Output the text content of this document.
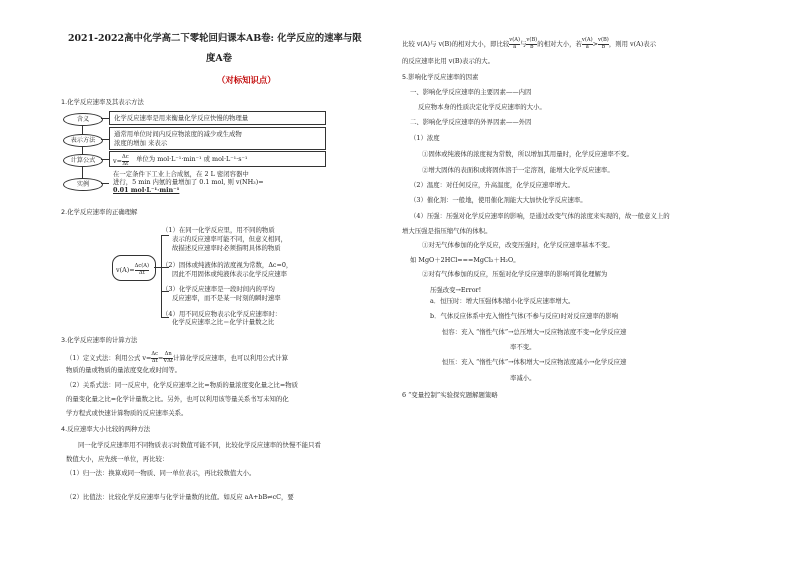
2021-2022高中化学高二下零轮回归课本AB卷: 化学反应的速率与限
度A卷
（对标知识点）
1.化学反应速率及其表示方法
含义	化学反应速率是用来衡量化学反应快慢的物理量
表示方法
通常用单位时间内反应物浓度的减少或生成物
浓度的增加 来表示
计算公式	$v= \frac{\Delta c}{\Delta t}$ 单位为 mol·L⁻¹·min⁻¹ 或 mol·L⁻¹·s⁻¹
实例
在一定条件下工业上合成氨，在 2 L 密闭容器中
进行，5 min 内氨的量增加了 0.1 mol, 则 v(NH₃)=
0.01 mol·L⁻¹·min⁻¹
2.化学反应速率的正确理解
$v(A)= \frac{\Delta c(A)}{\Delta t}$
（1）在同一化学反应里，用不同的物质
表示的反应速率可能不同，但意义相同，
故描述反应速率时必须指明具体的物质
（2）固体或纯液体的浓度视为常数，Δc=0，
因此不用固体或纯液体表示化学反应速率
（3）化学反应速率是一段时间内的平均
反应速率，而不是某一时刻的瞬时速率
（4）用不同反应物表示化学反应速率时：
化学反应速率之比＝化学计量数之比
3.化学反应速率的计算方法
（1）定义式法：利用公式 $v= \frac{\Delta c}{\Delta t} = \frac{\Delta n}{\text{VΔt}}$ 计算化学反应速率，也可以利用公式计算
物质的量或物质的量浓度变化或时间等。
（2）关系式法：同一反应中，化学反应速率之比=物质的量浓度变化量之比=物质
的量变化量之比=化学计量数之比。另外，也可以利用该等量关系书写未知的化
学方程式或快速计算物质的反应速率关系。
4.反应速率大小比较的两种方法
同一化学反应速率用不同物质表示时数值可能不同，比较化学反应速率的快慢不能只看
数值大小，应先统一单位，再比较：
（1）归一法：换算成同一物质、同一单位表示，再比较数值大小。
（2）比值法：比较化学反应速率与化学计量数的比值。如反应 aA+bB⇌cC，要
比较 v(A)与 v(B)的相对大小，即比较 $\frac{v(A)}{a}$ 与 $\frac{v(B)}{b}$ 的相对大小，若 $\frac{v(A)}{a} > \frac{v(B)}{b}$ ，则用 v(A)表示
的反应速率比用 v(B)表示的大。
5.影响化学反应速率的因素
一、影响化学反应速率的主要因素——内因
反应物本身的性质决定化学反应速率的大小。
二、影响化学反应速率的外界因素——外因
（1）浓度
①固体或纯液体的浓度视为常数，所以增加其用量时，化学反应速率不变。
②增大固体的表面积或将固体溶于一定溶剂，能增大化学反应速率。
（2）温度：对任何反应，升高温度，化学反应速率增大。
（3）催化剂：一般地，使用催化剂能大大加快化学反应速率。
（4）压强：压强对化学反应速率的影响，是通过改变气体的浓度来实现的，故一般意义上的
增大压强是指压缩气体的体积。
①对无气体参加的化学反应，改变压强时，化学反应速率基本不变。
如 MgO＋2HCl===MgCl₂＋H₂O。
②对有气体参加的反应，压强对化学反应速率的影响可简化理解为
压强改变→Error!
a．恒压时：增大压强体积缩小化学反应速率增大。
b．气体反应体系中充入惰性气体(不参与反应)时对反应速率的影响
恒容：充入 “惰性气体”→总压增大→反应物浓度不变→化学反应速
率不变。
恒压：充入 “惰性气体”→体积增大→反应物浓度减小→化学反应速
率减小。
6 “变量控制”实验探究题解题策略
